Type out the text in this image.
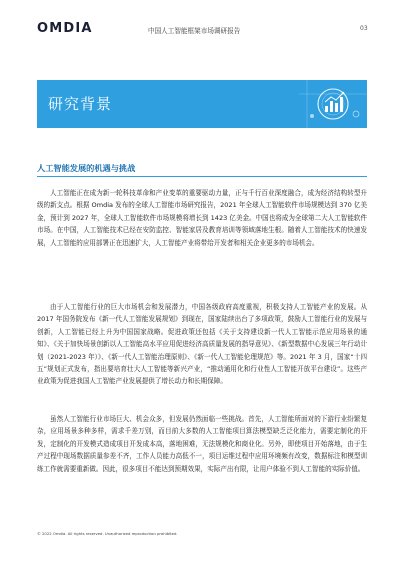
OMDIA	中国人工智能框架市场调研报告	03
研究背景
人工智能发展的机遇与挑战

人工智能正在成为新一轮科技革命和产业变革的重要驱动力量，正与千行百业深度融合，成为经济结构转型升级的新支点。根据 Omdia 发布的全球人工智能市场研究报告，2021 年全球人工智能软件市场规模达到 370 亿美金，预计到 2027 年，全球人工智能软件市场规模将增长到 1423 亿美金。中国也将成为全球第二大人工智能软件市场。在中国，人工智能技术已经在安防监控、智能家居及教育培训等领域落地生根。随着人工智能技术的快速发展，人工智能的应用部署正在迅速扩大，人工智能产业将带给开发者和相关企业更多的市场机会。

由于人工智能行业的巨大市场机会和发展潜力，中国各级政府高度重视，积极支持人工智能产业的发展。从 2017 年国务院发布《新一代人工智能发展规划》到现在，国家陆续出台了多项政策，鼓励人工智能行业的发展与创新，人工智能已经上升为中国国家战略。促进政策还包括《关于支持建设新一代人工智能示范应用场景的通知》、《关于加快场景创新以人工智能高水平应用促进经济高质量发展的指导意见》、《新型数据中心发展三年行动计划（2021-2023 年）》、《新一代人工智能治理原则》、《新一代人工智能伦理规范》等。2021 年 3 月，国家“十四五”规划正式发布，指出要培育壮大人工智能等新兴产业，“推动通用化和行业性人工智能开放平台建设”。这些产业政策为促进我国人工智能产业发展提供了增长动力和长期保障。

虽然人工智能行业市场巨大、机会众多，但发展仍然面临一些挑战。首先，人工智能所面对的下游行业纷繁复杂，应用场景多种多样，需求千差万别，而目前大多数的人工智能项目算法模型缺乏泛化能力，需要定制化的开发，定制化的开发模式造成项目开发成本高，落地困难，无法规模化和商业化。另外，即使项目开始落地，由于生产过程中现场数据质量参差不齐，工作人员能力高低不一，项目运维过程中应用环境频有改变，数据标注和模型训练工作就需要重新做。因此，很多项目不能达到预期效果，实际产出有限，让用户体验不到人工智能的实际价值。

© 2022 Omdia. All rights reserved. Unauthorized reproduction prohibited.
